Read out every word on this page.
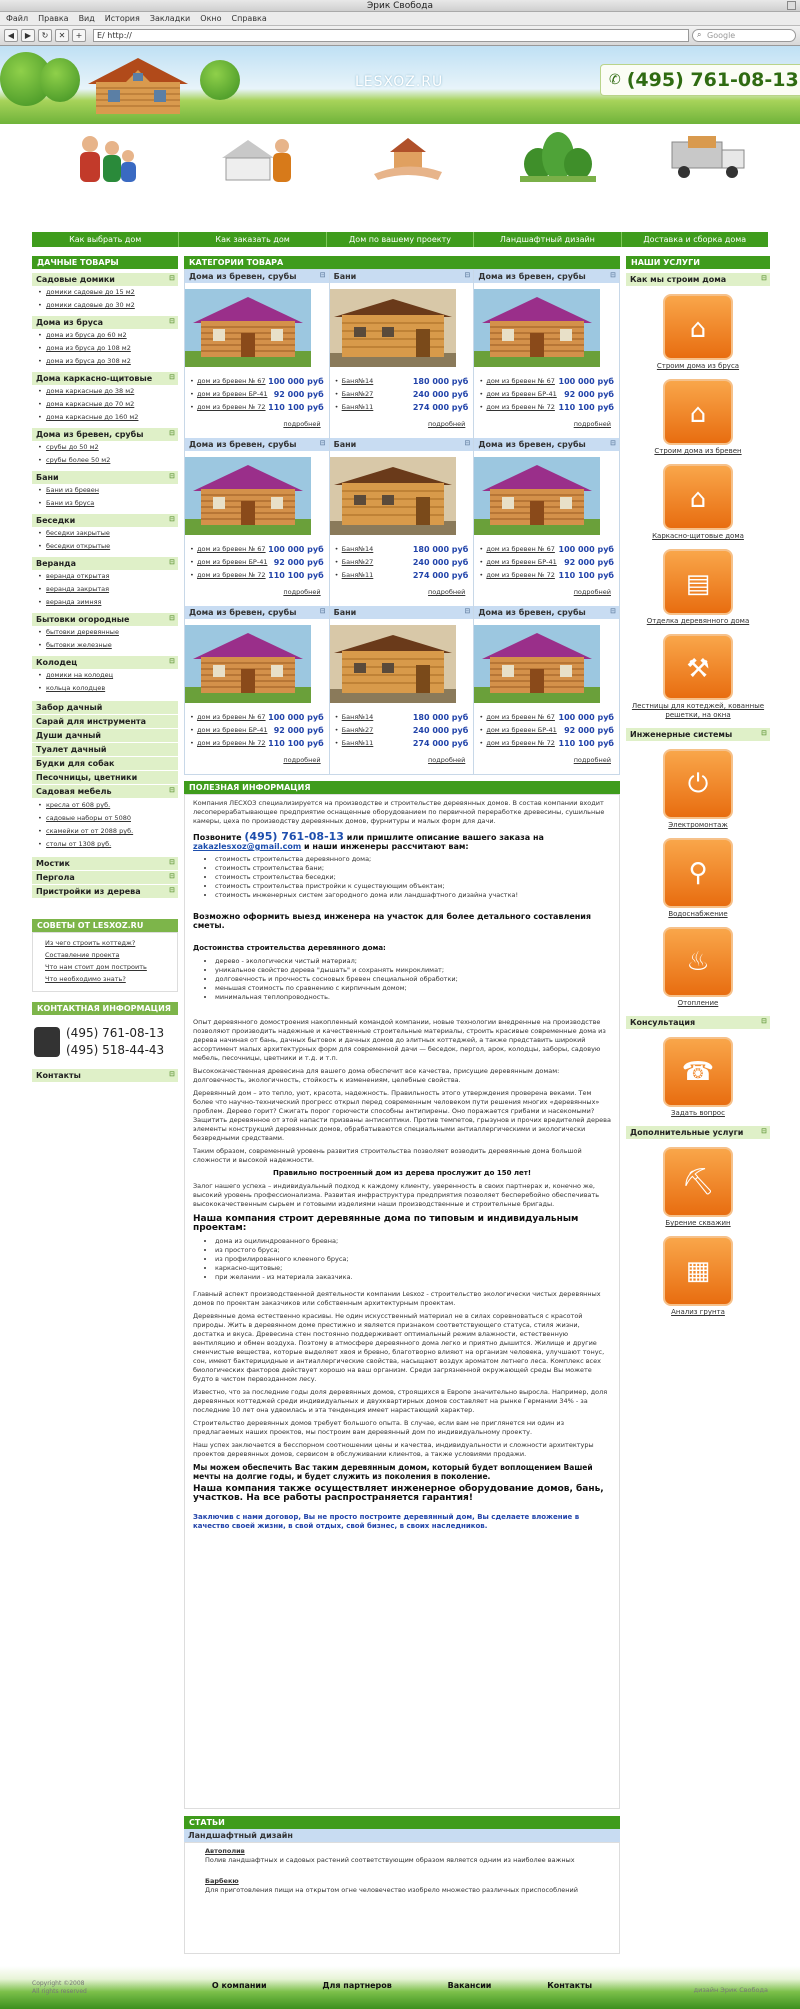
Эрик Свобода
Файл Правка Вид История Закладки Окно Справка
◀	▶	↻	✕	+	E/ http://	⌕ Google
LESXOZ.RU	✆ (495) 761-08-13
Как выбрать дом	Как заказать дом	Дом по вашему проекту	Ландшафтный дизайн	Доставка и сборка дома
ДАЧНЫЕ ТОВАРЫ
Садовые домики ⊟
• домики садовые до 15 м2
• домики садовые до 30 м2
Дома из бруса ⊟
• дома из бруса до 60 м2
• дома из бруса до 108 м2
• дома из бруса до 308 м2
Дома каркасно-щитовые ⊟
• дома каркасные до 38 м2
• дома каркасные до 70 м2
• дома каркасные до 160 м2
Дома из бревен, срубы ⊟
• срубы до 50 м2
• срубы более 50 м2
Бани ⊟
• Бани из бревен
• Бани из бруса
Беседки ⊟
• беседки закрытые
• беседки открытые
Веранда ⊟
• веранда открытая
• веранда закрытая
• веранда зимняя
Бытовки огородные ⊟
• бытовки деревянные
• бытовки железные
Колодец ⊟
• домики на колодец
• кольца колодцев
Забор дачный
Сарай для инструмента
Души дачный
Туалет дачный
Будки для собак
Песочницы, цветники
Садовая мебель ⊟
• кресла от 608 руб.
• садовые наборы от 5080
• скамейки от от 2088 руб.
• столы от 1308 руб.
Мостик ⊟
Пергола ⊟
Пристройки из дерева ⊟
СОВЕТЫ ОТ LESXOZ.RU
Из чего строить коттедж?
Составление проекта
Что нам стоит дом построить
Что необходимо знать?
КОНТАКТНАЯ ИНФОРМАЦИЯ
(495) 761-08-13
(495) 518-44-43
Контакты ⊟
КАТЕГОРИИ ТОВАРА
Дома из бревен, срубы ⊟
• дом из бревен № 67 100 000 руб
• дом из бревен БР-41 92 000 руб
• дом из бревен № 72 110 100 руб
подробней
Бани ⊟
• Баня№14	180 000 руб
• Баня№27	240 000 руб
• Баня№11	274 000 руб
подробней
Дома из бревен, срубы ⊟
• дом из бревен № 67 100 000 руб
• дом из бревен БР-41 92 000 руб
• дом из бревен № 72 110 100 руб
подробней
Дома из бревен, срубы ⊟
• дом из бревен № 67 100 000 руб
• дом из бревен БР-41 92 000 руб
• дом из бревен № 72 110 100 руб
подробней
Бани ⊟
• Баня№14	180 000 руб
• Баня№27	240 000 руб
• Баня№11	274 000 руб
подробней
Дома из бревен, срубы ⊟
• дом из бревен № 67 100 000 руб
• дом из бревен БР-41 92 000 руб
• дом из бревен № 72 110 100 руб
подробней
Дома из бревен, срубы ⊟
• дом из бревен № 67 100 000 руб
• дом из бревен БР-41 92 000 руб
• дом из бревен № 72 110 100 руб
подробней
Бани ⊟
• Баня№14	180 000 руб
• Баня№27	240 000 руб
• Баня№11	274 000 руб
подробней
Дома из бревен, срубы ⊟
• дом из бревен № 67 100 000 руб
• дом из бревен БР-41 92 000 руб
• дом из бревен № 72 110 100 руб
подробней
ПОЛЕЗНАЯ ИНФОРМАЦИЯ

Компания ЛЕСХОЗ специализируется на производстве и строительстве деревянных домов. В состав компании входит лесоперерабатывающее предприятие оснащенные оборудованием по первичной переработке древесины, сушильные камеры, цеха по производству деревянных домов, фурнитуры и малых форм для дачи.

Позвоните (495) 761-08-13 или пришлите описание вашего заказа на
zakazlesxoz@gmail.com и наши инженеры рассчитают вам:

• стоимость строительства деревянного дома;
• стоимость строительства бани;
• стоимость строительства беседки;
• стоимость строительства пристройки к существующим объектам;
• стоимость инженерных систем загородного дома или ландшафтного дизайна участка!

Возможно оформить выезд инженера на участок для более детального составления сметы.

Достоинства строительства деревянного дома:

• дерево - экологически чистый материал;
• уникальное свойство дерева "дышать" и сохранять микроклимат;
• долговечность и прочность сосновых бревен специальной обработки;
• меньшая стоимость по сравнению с кирпичным домом;
• минимальная теплопроводность.

Опыт деревянного домостроения накопленный командой компании, новые технологии внедренные на производстве позволяют производить надежные и качественные строительные материалы, строить красивые современные дома из дерева начиная от бань, дачных бытовок и дачных домов до элитных коттеджей, а также представить широкий ассортимент малых архитектурных форм для современной дачи — беседок, пергол, арок, колодцы, заборы, садовую мебель, песочницы, цветники и т.д. и т.п.

Высококачественная древесина для вашего дома обеспечит все качества, присущие деревянным домам: долговечность, экологичность, стойкость к изменениям, целебные свойства.

Деревянный дом – это тепло, уют, красота, надежность. Правильность этого утверждения проверена веками. Тем более что научно-технический прогресс открыл перед современным человеком пути решения многих «деревянных» проблем. Дерево горит? Сжигать порог горючести способны антипирены. Оно поражается грибами и насекомыми? Защитить деревянное от этой напасти призваны антисептики. Против темпетов, грызунов и прочих вредителей дерева элементы конструкций деревянных домов, обрабатываются специальными антиаллергическими и экологически безвредными средствами.

Таким образом, современный уровень развития строительства позволяет возводить деревянные дома большой сложности и высокой надежности.

Правильно построенный дом из дерева прослужит до 150 лет!

Залог нашего успеха – индивидуальный подход к каждому клиенту, уверенность в своих партнерах и, конечно же, высокий уровень профессионализма. Развитая инфраструктура предприятия позволяет бесперебойно обеспечивать высококачественным сырьем и готовыми изделиями наши производственные и строительные бригады.

Наша компания строит деревянные дома по типовым и индивидуальным проектам:

• дома из оцилиндрованного бревна;
• из простого бруса;
• из профилированного клееного бруса;
• каркасно-щитовые;
• при желании - из материала заказчика.

Главный аспект производственной деятельности компании Lesxoz - строительство экологически чистых деревянных домов по проектам заказчиков или собственным архитектурным проектам.

Деревянные дома естественно красивы. Не один искусственный материал не в силах соревноваться с красотой природы. Жить в деревянном доме престижно и является признаком соответствующего статуса, стиля жизни, достатка и вкуса. Древесина стен постоянно поддерживает оптимальный режим влажности, естественную вентиляцию и обмен воздуха. Поэтому в атмосфере деревянного дома легко и приятно дышится. Жилище и другие сменчистые вещества, которые выделяет хвоя и бревно, благотворно влияют на организм человека, улучшают тонус, сон, имеют бактерицидные и антиаллергические свойства, насыщают воздух ароматом летнего леса. Комплекс всех биологических факторов действует хорошо на ваш организм. Среди загрязненной окружающей среды Вы можете будто в чистом первозданном лесу.

Известно, что за последние годы доля деревянных домов, строящихся в Европе значительно выросла. Например, доля деревянных коттеджей среди индивидуальных и двухквартирных домов составляет на рынке Германии 34% - за последние 10 лет она удвоилась и эта тенденция имеет нарастающий характер.

Строительство деревянных домов требует большого опыта. В случае, если вам не приглянется ни один из предлагаемых наших проектов, мы построим вам деревянный дом по индивидуальному проекту.

Наш успех заключается в бесспорном соотношении цены и качества, индивидуальности и сложности архитектуры проектов деревянных домов, сервисом в обслуживании клиентов, а также условиями продажи.

Мы можем обеспечить Вас таким деревянным домом, который будет воплощением Вашей мечты на долгие годы, и будет служить из поколения в поколение.

Наша компания также осуществляет инженерное оборудование домов, бань, участков. На все работы распространяется гарантия!

Заключив с нами договор, Вы не просто построите деревянный дом, Вы сделаете вложение в качество своей жизни, в свой отдых, свой бизнес, в своих наследников.

СТАТЬИ
Ландшафтный дизайн
Автополив
Полив ландшафтных и садовых растений соответствующим образом является одним из наиболее важных
Барбекю
Для приготовления пищи на открытом огне человечество изобрело множество различных приспособлений
НАШИ УСЛУГИ
Как мы строим дома ⊟
⌂
Строим дома из бруса
⌂
Строим дома из бревен
⌂
Каркасно-щитовые дома
▤
Отделка деревянного дома
⚒
Лестницы для котеджей, кованные решетки, на окна
Инженерные системы ⊟
⏻
Электромонтаж
⚲
Водоснабжение
♨
Отопление
Консультация ⊟
☎
Задать вопрос
Дополнительные услуги ⊟
⛏
Бурение скважин
▦
Анализ грунта
Copyright ©2008
All rights reserved
О компании	Для партнеров	Вакансии	Контакты	дизайн Эрик Свобода
